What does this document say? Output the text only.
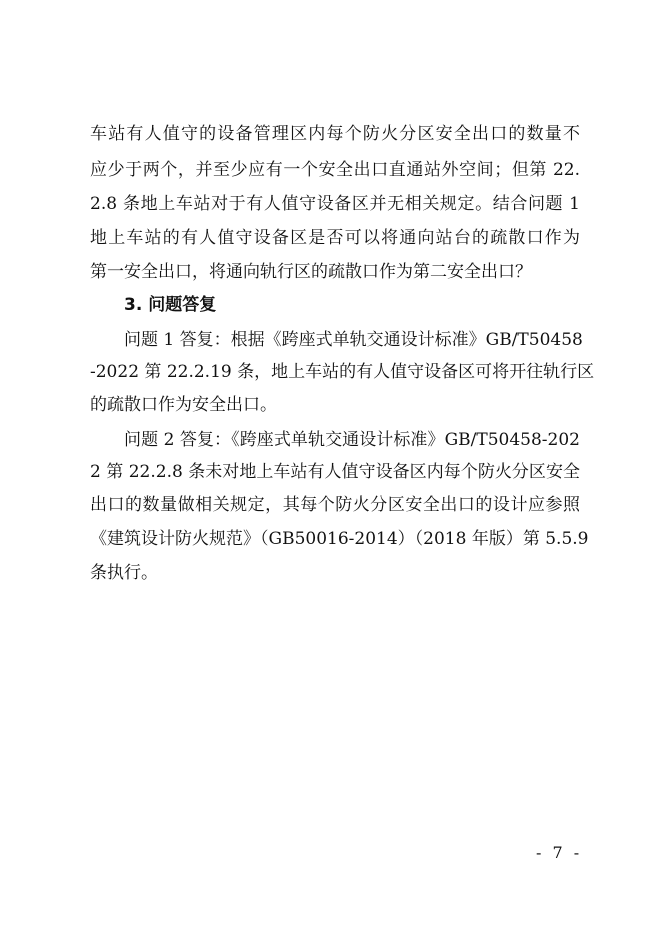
车站有人值守的设备管理区内每个防火分区安全出口的数量不

应少于两个，并至少应有一个安全出口直通站外空间；但第 22.

2.8 条地上车站对于有人值守设备区并无相关规定。结合问题 1

地上车站的有人值守设备区是否可以将通向站台的疏散口作为

第一安全出口，将通向轨行区的疏散口作为第二安全出口？

3. 问题答复

问题 1 答复：根据《跨座式单轨交通设计标准》GB/T50458

-2022 第 22.2.19 条，地上车站的有人值守设备区可将开往轨行区

的疏散口作为安全出口。

问题 2 答复：《跨座式单轨交通设计标准》GB/T50458-202

2 第 22.2.8 条未对地上车站有人值守设备区内每个防火分区安全

出口的数量做相关规定，其每个防火分区安全出口的设计应参照

《建筑设计防火规范》（GB50016-2014）（2018 年版）第 5.5.9

条执行。

- 7 -
